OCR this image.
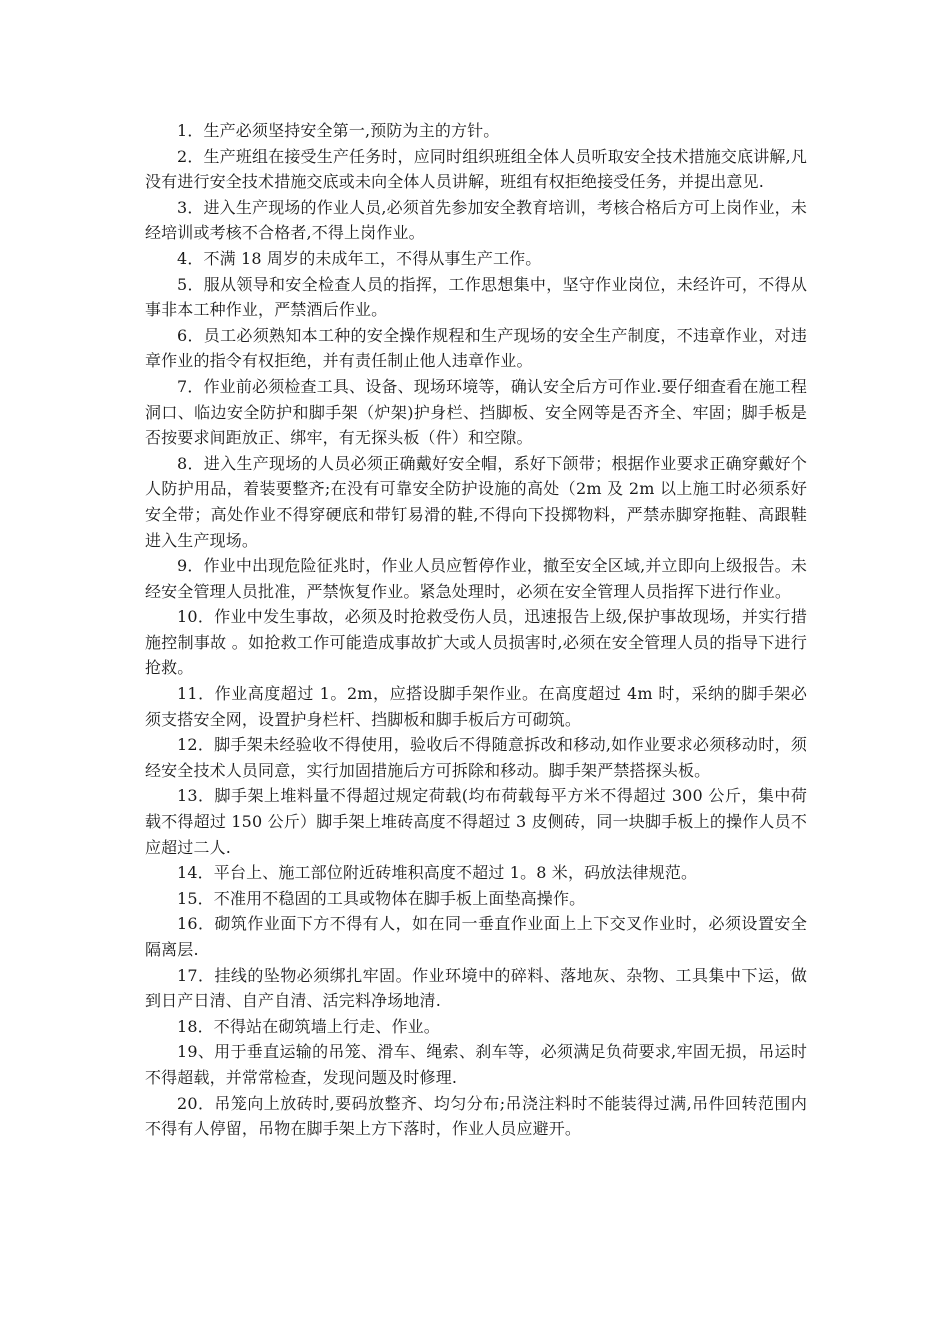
1．生产必须坚持安全第一,预防为主的方针。

2．生产班组在接受生产任务时，应同时组织班组全体人员听取安全技术措施交底讲解,凡没有进行安全技术措施交底或未向全体人员讲解，班组有权拒绝接受任务，并提出意见.

3．进入生产现场的作业人员,必须首先参加安全教育培训，考核合格后方可上岗作业，未经培训或考核不合格者,不得上岗作业。

4．不满 18 周岁的未成年工，不得从事生产工作。

5．服从领导和安全检查人员的指挥，工作思想集中，坚守作业岗位，未经许可，不得从事非本工种作业，严禁酒后作业。

6．员工必须熟知本工种的安全操作规程和生产现场的安全生产制度，不违章作业，对违章作业的指令有权拒绝，并有责任制止他人违章作业。

7．作业前必须检查工具、设备、现场环境等，确认安全后方可作业.要仔细查看在施工程洞口、临边安全防护和脚手架（炉架)护身栏、挡脚板、安全网等是否齐全、牢固；脚手板是否按要求间距放正、绑牢，有无探头板（件）和空隙。

8．进入生产现场的人员必须正确戴好安全帽，系好下颌带；根据作业要求正确穿戴好个人防护用品，着装要整齐;在没有可靠安全防护设施的高处（2m 及 2m 以上施工时必须系好安全带；高处作业不得穿硬底和带钉易滑的鞋,不得向下投掷物料，严禁赤脚穿拖鞋、高跟鞋进入生产现场。

9．作业中出现危险征兆时，作业人员应暂停作业，撤至安全区域,并立即向上级报告。未经安全管理人员批准，严禁恢复作业。紧急处理时，必须在安全管理人员指挥下进行作业。

10．作业中发生事故，必须及时抢救受伤人员，迅速报告上级,保护事故现场，并实行措施控制事故 。如抢救工作可能造成事故扩大或人员损害时,必须在安全管理人员的指导下进行抢救。

11．作业高度超过 1。2m，应搭设脚手架作业。在高度超过 4m 时，采纳的脚手架必须支搭安全网，设置护身栏杆、挡脚板和脚手板后方可砌筑。

12．脚手架未经验收不得使用，验收后不得随意拆改和移动,如作业要求必须移动时，须经安全技术人员同意，实行加固措施后方可拆除和移动。脚手架严禁搭探头板。

13．脚手架上堆料量不得超过规定荷载(均布荷载每平方米不得超过 300 公斤，集中荷载不得超过 150 公斤）脚手架上堆砖高度不得超过 3 皮侧砖，同一块脚手板上的操作人员不应超过二人.

14．平台上、施工部位附近砖堆积高度不超过 1。8 米，码放法律规范。

15．不准用不稳固的工具或物体在脚手板上面垫高操作。

16．砌筑作业面下方不得有人，如在同一垂直作业面上上下交叉作业时，必须设置安全隔离层.

17．挂线的坠物必须绑扎牢固。作业环境中的碎料、落地灰、杂物、工具集中下运，做到日产日清、自产自清、活完料净场地清.

18．不得站在砌筑墙上行走、作业。

19、用于垂直运输的吊笼、滑车、绳索、刹车等，必须满足负荷要求,牢固无损，吊运时不得超载，并常常检查，发现问题及时修理.

20．吊笼向上放砖时,要码放整齐、均匀分布;吊浇注料时不能装得过满,吊件回转范围内不得有人停留，吊物在脚手架上方下落时，作业人员应避开。
